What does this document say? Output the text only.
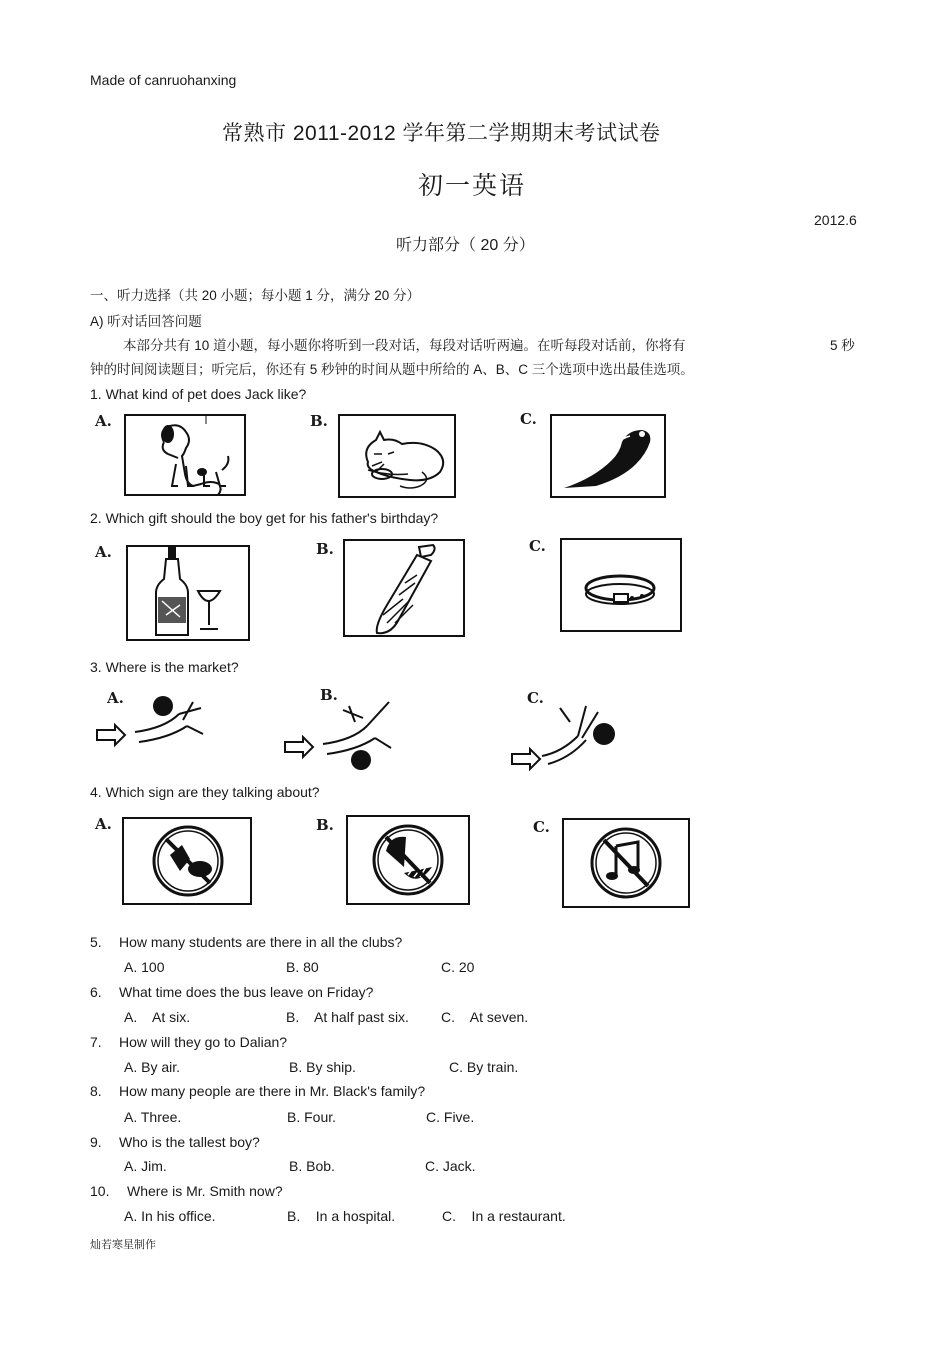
Made of canruohanxing
常熟市 2011-2012 学年第二学期期末考试试卷
初一英语
2012.6
听力部分（ 20 分）
一、听力选择（共 20 小题；每小题 1 分，满分 20 分）
A) 听对话回答问题
本部分共有 10 道小题，每小题你将听到一段对话，每段对话听两遍。在听每段对话前，你将有	5 秒
钟的时间阅读题目；听完后，你还有 5 秒钟的时间从题中所给的 A、B、C 三个选项中选出最佳选项。
1. What kind of pet does Jack like?
A.	B.	C.
2. Which gift should the boy get for his father's birthday?
A.	B.	C.
3. Where is the market?
A.	B.	C.
4. Which sign are they talking about?
A.	B.	C.
5. How many students are there in all the clubs?
A. 100	B. 80	C. 20
6. What time does the bus leave on Friday?
A.    At six.	B.    At half past six. C.    At seven.
7. How will they go to Dalian?
A. By air.	B. By ship.	C. By train.
8. How many people are there in Mr. Black's family?
A. Three.	B. Four.	C. Five.
9. Who is the tallest boy?
A. Jim.	B. Bob.	C. Jack.
10. Where is Mr. Smith now?
A. In his office.	B.    In a hospital.	C.    In a restaurant.
灿若寒星制作
